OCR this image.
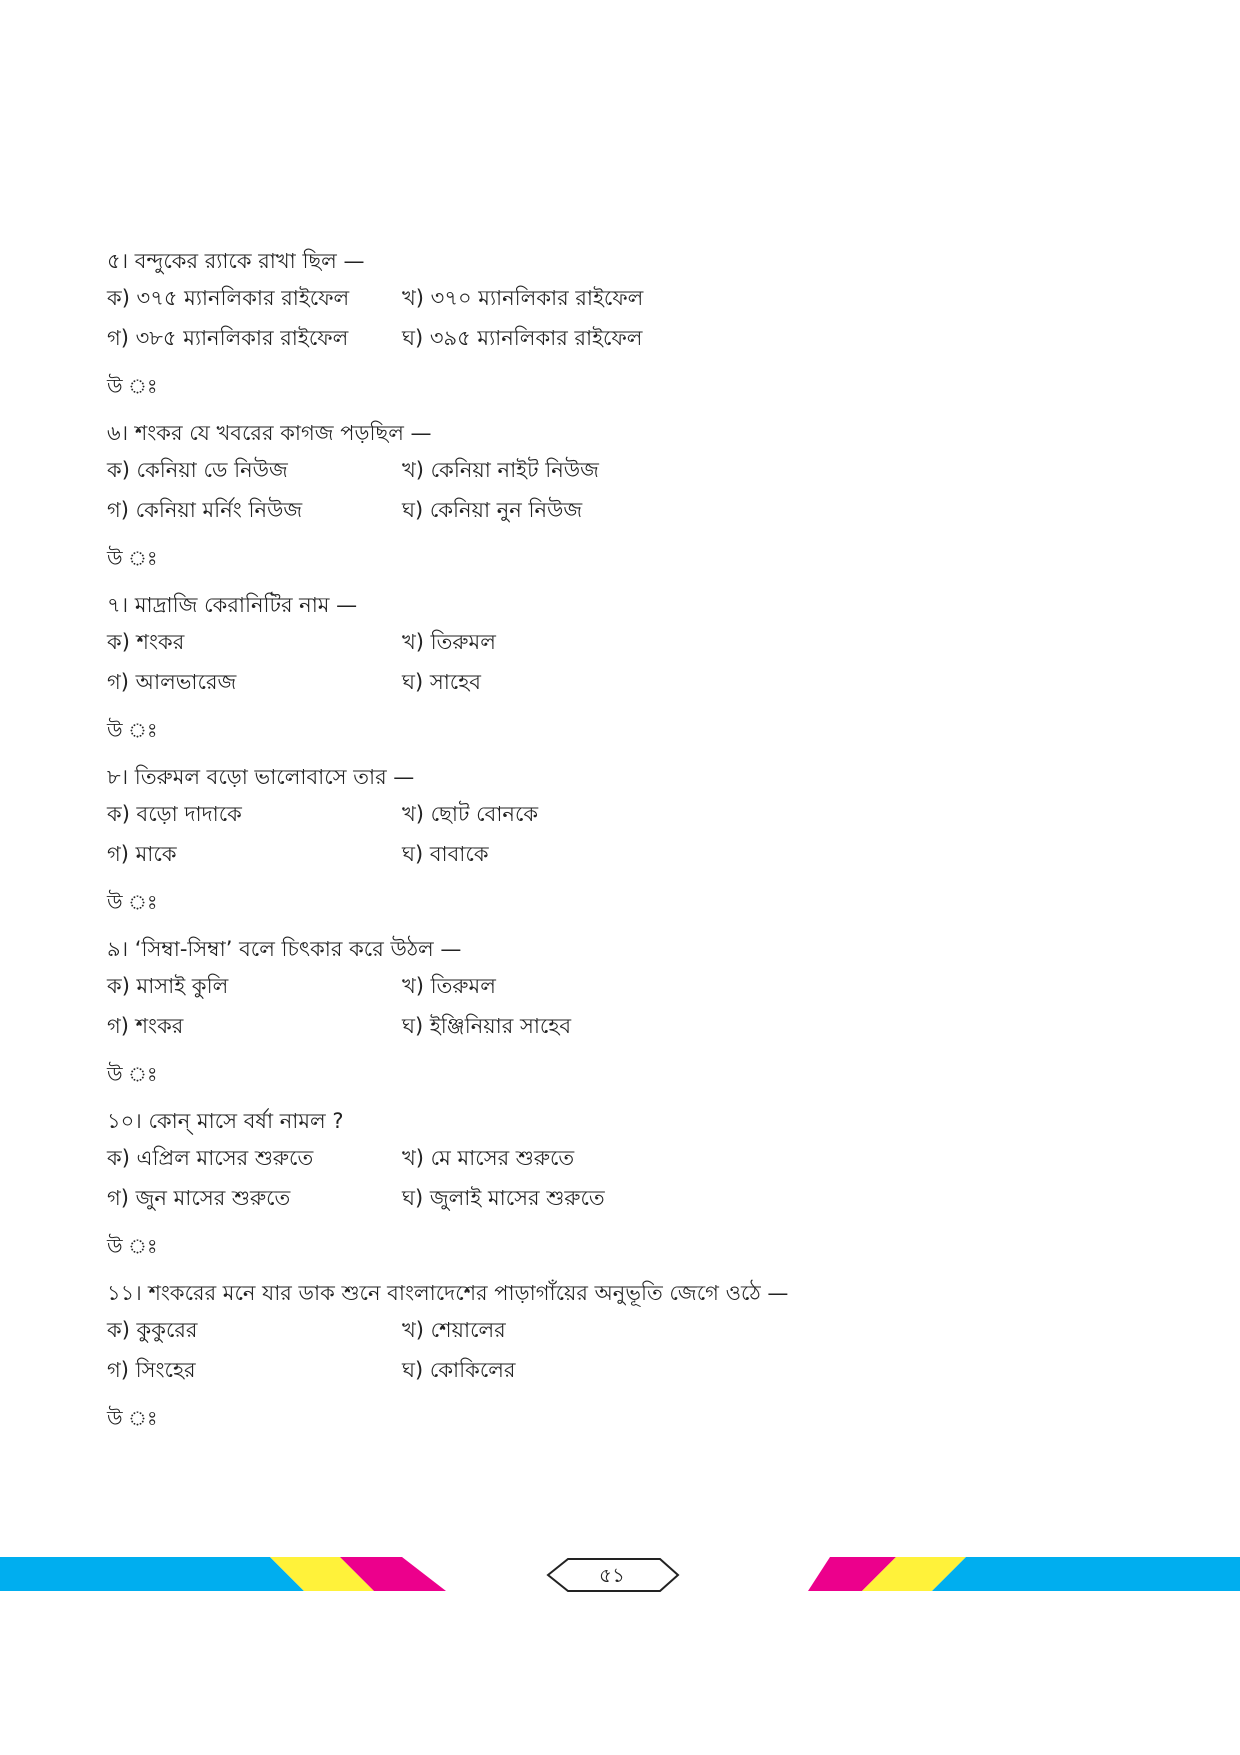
৫। বন্দুকের র‍্যাকে রাখা ছিল —
ক) ৩৭৫ ম্যানলিকার রাইফেল	খ) ৩৭০ ম্যানলিকার রাইফেল
গ) ৩৮৫ ম্যানলিকার রাইফেল	ঘ) ৩৯৫ ম্যানলিকার রাইফেল
উ ঃ
৬। শংকর যে খবরের কাগজ পড়ছিল —
ক) কেনিয়া ডে নিউজ	খ) কেনিয়া নাইট নিউজ
গ) কেনিয়া মর্নিং নিউজ	ঘ) কেনিয়া নুন নিউজ
উ ঃ
৭। মাদ্রাজি কেরানিটির নাম —
ক) শংকর	খ) তিরুমল
গ) আলভারেজ	ঘ) সাহেব
উ ঃ
৮। তিরুমল বড়ো ভালোবাসে তার —
ক) বড়ো দাদাকে	খ) ছোট বোনকে
গ) মাকে	ঘ) বাবাকে
উ ঃ
৯। ‘সিম্বা-সিম্বা’ বলে চিৎকার করে উঠল —
ক) মাসাই কুলি	খ) তিরুমল
গ) শংকর	ঘ) ইঞ্জিনিয়ার সাহেব
উ ঃ
১০। কোন্ মাসে বর্ষা নামল ?
ক) এপ্রিল মাসের শুরুতে	খ) মে মাসের শুরুতে
গ) জুন মাসের শুরুতে	ঘ) জুলাই মাসের শুরুতে
উ ঃ
১১। শংকরের মনে যার ডাক শুনে বাংলাদেশের পাড়াগাঁয়ের অনুভূতি জেগে ওঠে —
ক) কুকুরের	খ) শেয়ালের
গ) সিংহের	ঘ) কোকিলের
উ ঃ
৫১
